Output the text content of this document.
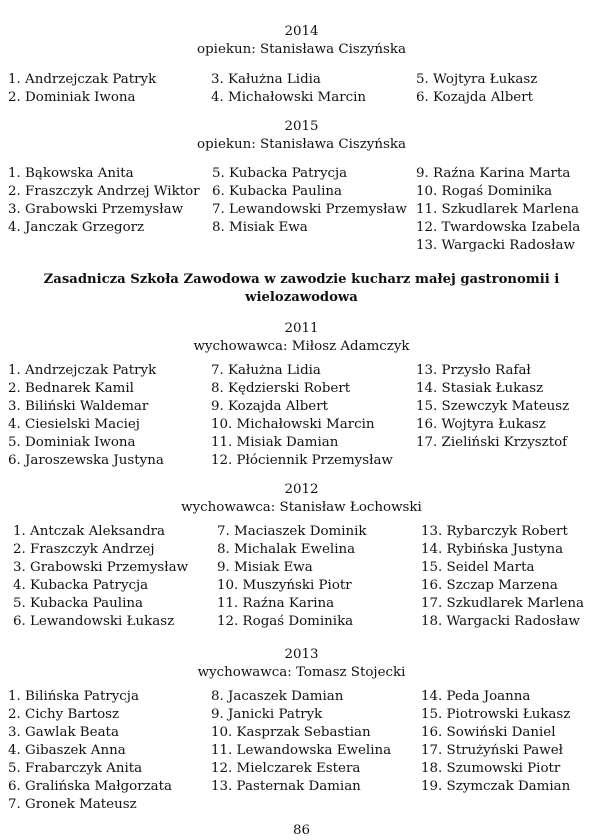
2014
opiekun: Stanisława Ciszyńska
1. Andrzejczak Patryk
2. Dominiak Iwona
3. Kałużna Lidia
4. Michałowski Marcin
5. Wojtyra Łukasz
6. Kozajda Albert
2015
opiekun: Stanisława Ciszyńska
1. Bąkowska Anita
2. Fraszczyk Andrzej Wiktor
3. Grabowski Przemysław
4. Janczak Grzegorz
5. Kubacka Patrycja
6. Kubacka Paulina
7. Lewandowski Przemysław
8. Misiak Ewa
9. Raźna Karina Marta
10. Rogaś Dominika
11. Szkudlarek Marlena
12. Twardowska Izabela
13. Wargacki Radosław
Zasadnicza Szkoła Zawodowa w zawodzie kucharz małej gastronomii i wielozawodowa
2011
wychowawca: Miłosz Adamczyk
1. Andrzejczak Patryk
2. Bednarek Kamil
3. Biliński Waldemar
4. Ciesielski Maciej
5. Dominiak Iwona
6. Jaroszewska Justyna
7. Kałużna Lidia
8. Kędzierski Robert
9. Kozajda Albert
10. Michałowski Marcin
11. Misiak Damian
12. Płóciennik Przemysław
13. Przysło Rafał
14. Stasiak Łukasz
15. Szewczyk Mateusz
16. Wojtyra Łukasz
17. Zieliński Krzysztof
2012
wychowawca: Stanisław Łochowski
1. Antczak Aleksandra
2. Fraszczyk Andrzej
3. Grabowski Przemysław
4. Kubacka Patrycja
5. Kubacka Paulina
6. Lewandowski Łukasz
7. Maciaszek Dominik
8. Michalak Ewelina
9. Misiak Ewa
10. Muszyński Piotr
11. Raźna Karina
12. Rogaś Dominika
13. Rybarczyk Robert
14. Rybińska Justyna
15. Seidel Marta
16. Szczap Marzena
17. Szkudlarek Marlena
18. Wargacki Radosław
2013
wychowawca: Tomasz Stojecki
1. Bilińska Patrycja
2. Cichy Bartosz
3. Gawlak Beata
4. Gibaszek Anna
5. Frabarczyk Anita
6. Gralińska Małgorzata
7. Gronek Mateusz
8. Jacaszek Damian
9. Janicki Patryk
10. Kasprzak Sebastian
11. Lewandowska Ewelina
12. Mielczarek Estera
13. Pasternak Damian
14. Peda Joanna
15. Piotrowski Łukasz
16. Sowiński Daniel
17. Strużyński Paweł
18. Szumowski Piotr
19. Szymczak Damian
86
